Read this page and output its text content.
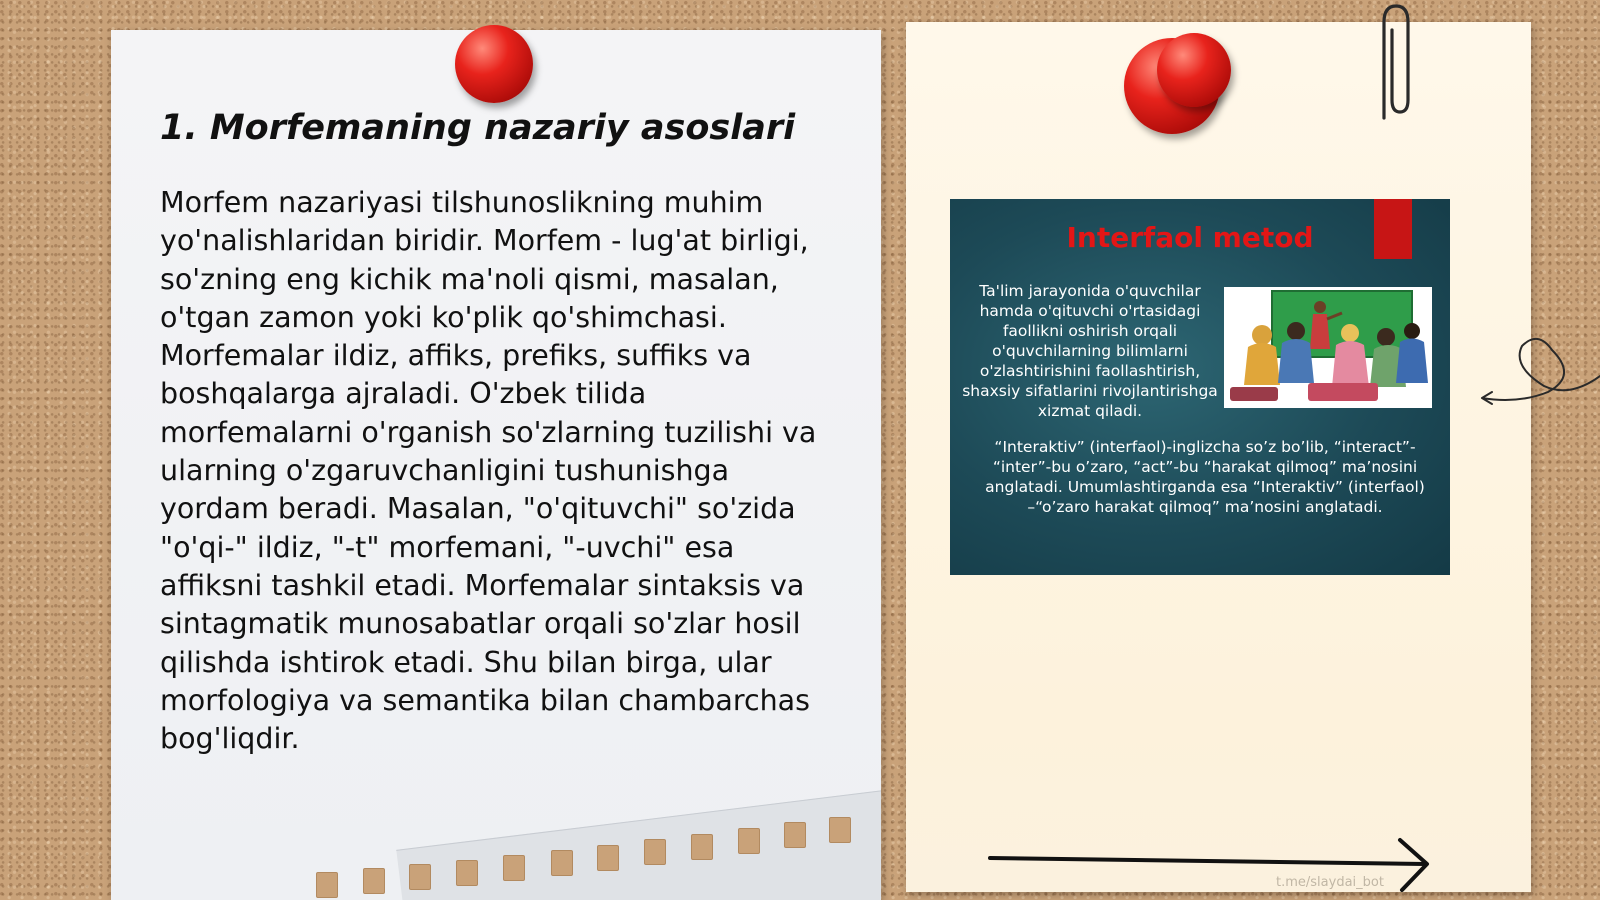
1. Morfemaning nazariy asoslari

Morfem nazariyasi tilshunoslikning muhim yo'nalishlaridan biridir. Morfem - lug'at birligi, so'zning eng kichik ma'noli qismi, masalan, o'tgan zamon yoki ko'plik qo'shimchasi. Morfemalar ildiz, affiks, prefiks, suffiks va boshqalarga ajraladi. O'zbek tilida morfemalarni o'rganish so'zlarning tuzilishi va ularning o'zgaruvchanligini tushunishga yordam beradi. Masalan, "o'qituvchi" so'zida "o'qi-" ildiz, "-t" morfemani, "-uvchi" esa affiksni tashkil etadi. Morfemalar sintaksis va sintagmatik munosabatlar orqali so'zlar hosil qilishda ishtirok etadi. Shu bilan birga, ular morfologiya va semantika bilan chambarchas bog'liqdir.

Interfaol metod

Ta'lim jarayonida o'quvchilar hamda o'qituvchi o'rtasidagi faollikni oshirish orqali o'quvchilarning bilimlarni o'zlashtirishini faollashtirish, shaxsiy sifatlarini rivojlantirishga xizmat qiladi.

“Interaktiv” (interfaol)-inglizcha so’z bo’lib, “interact”- “inter”-bu o’zaro, “act”-bu “harakat qilmoq” ma’nosini anglatadi. Umumlashtirganda esa “Interaktiv” (interfaol) –“o’zaro harakat qilmoq” ma’nosini anglatadi.

t.me/slaydai_bot
